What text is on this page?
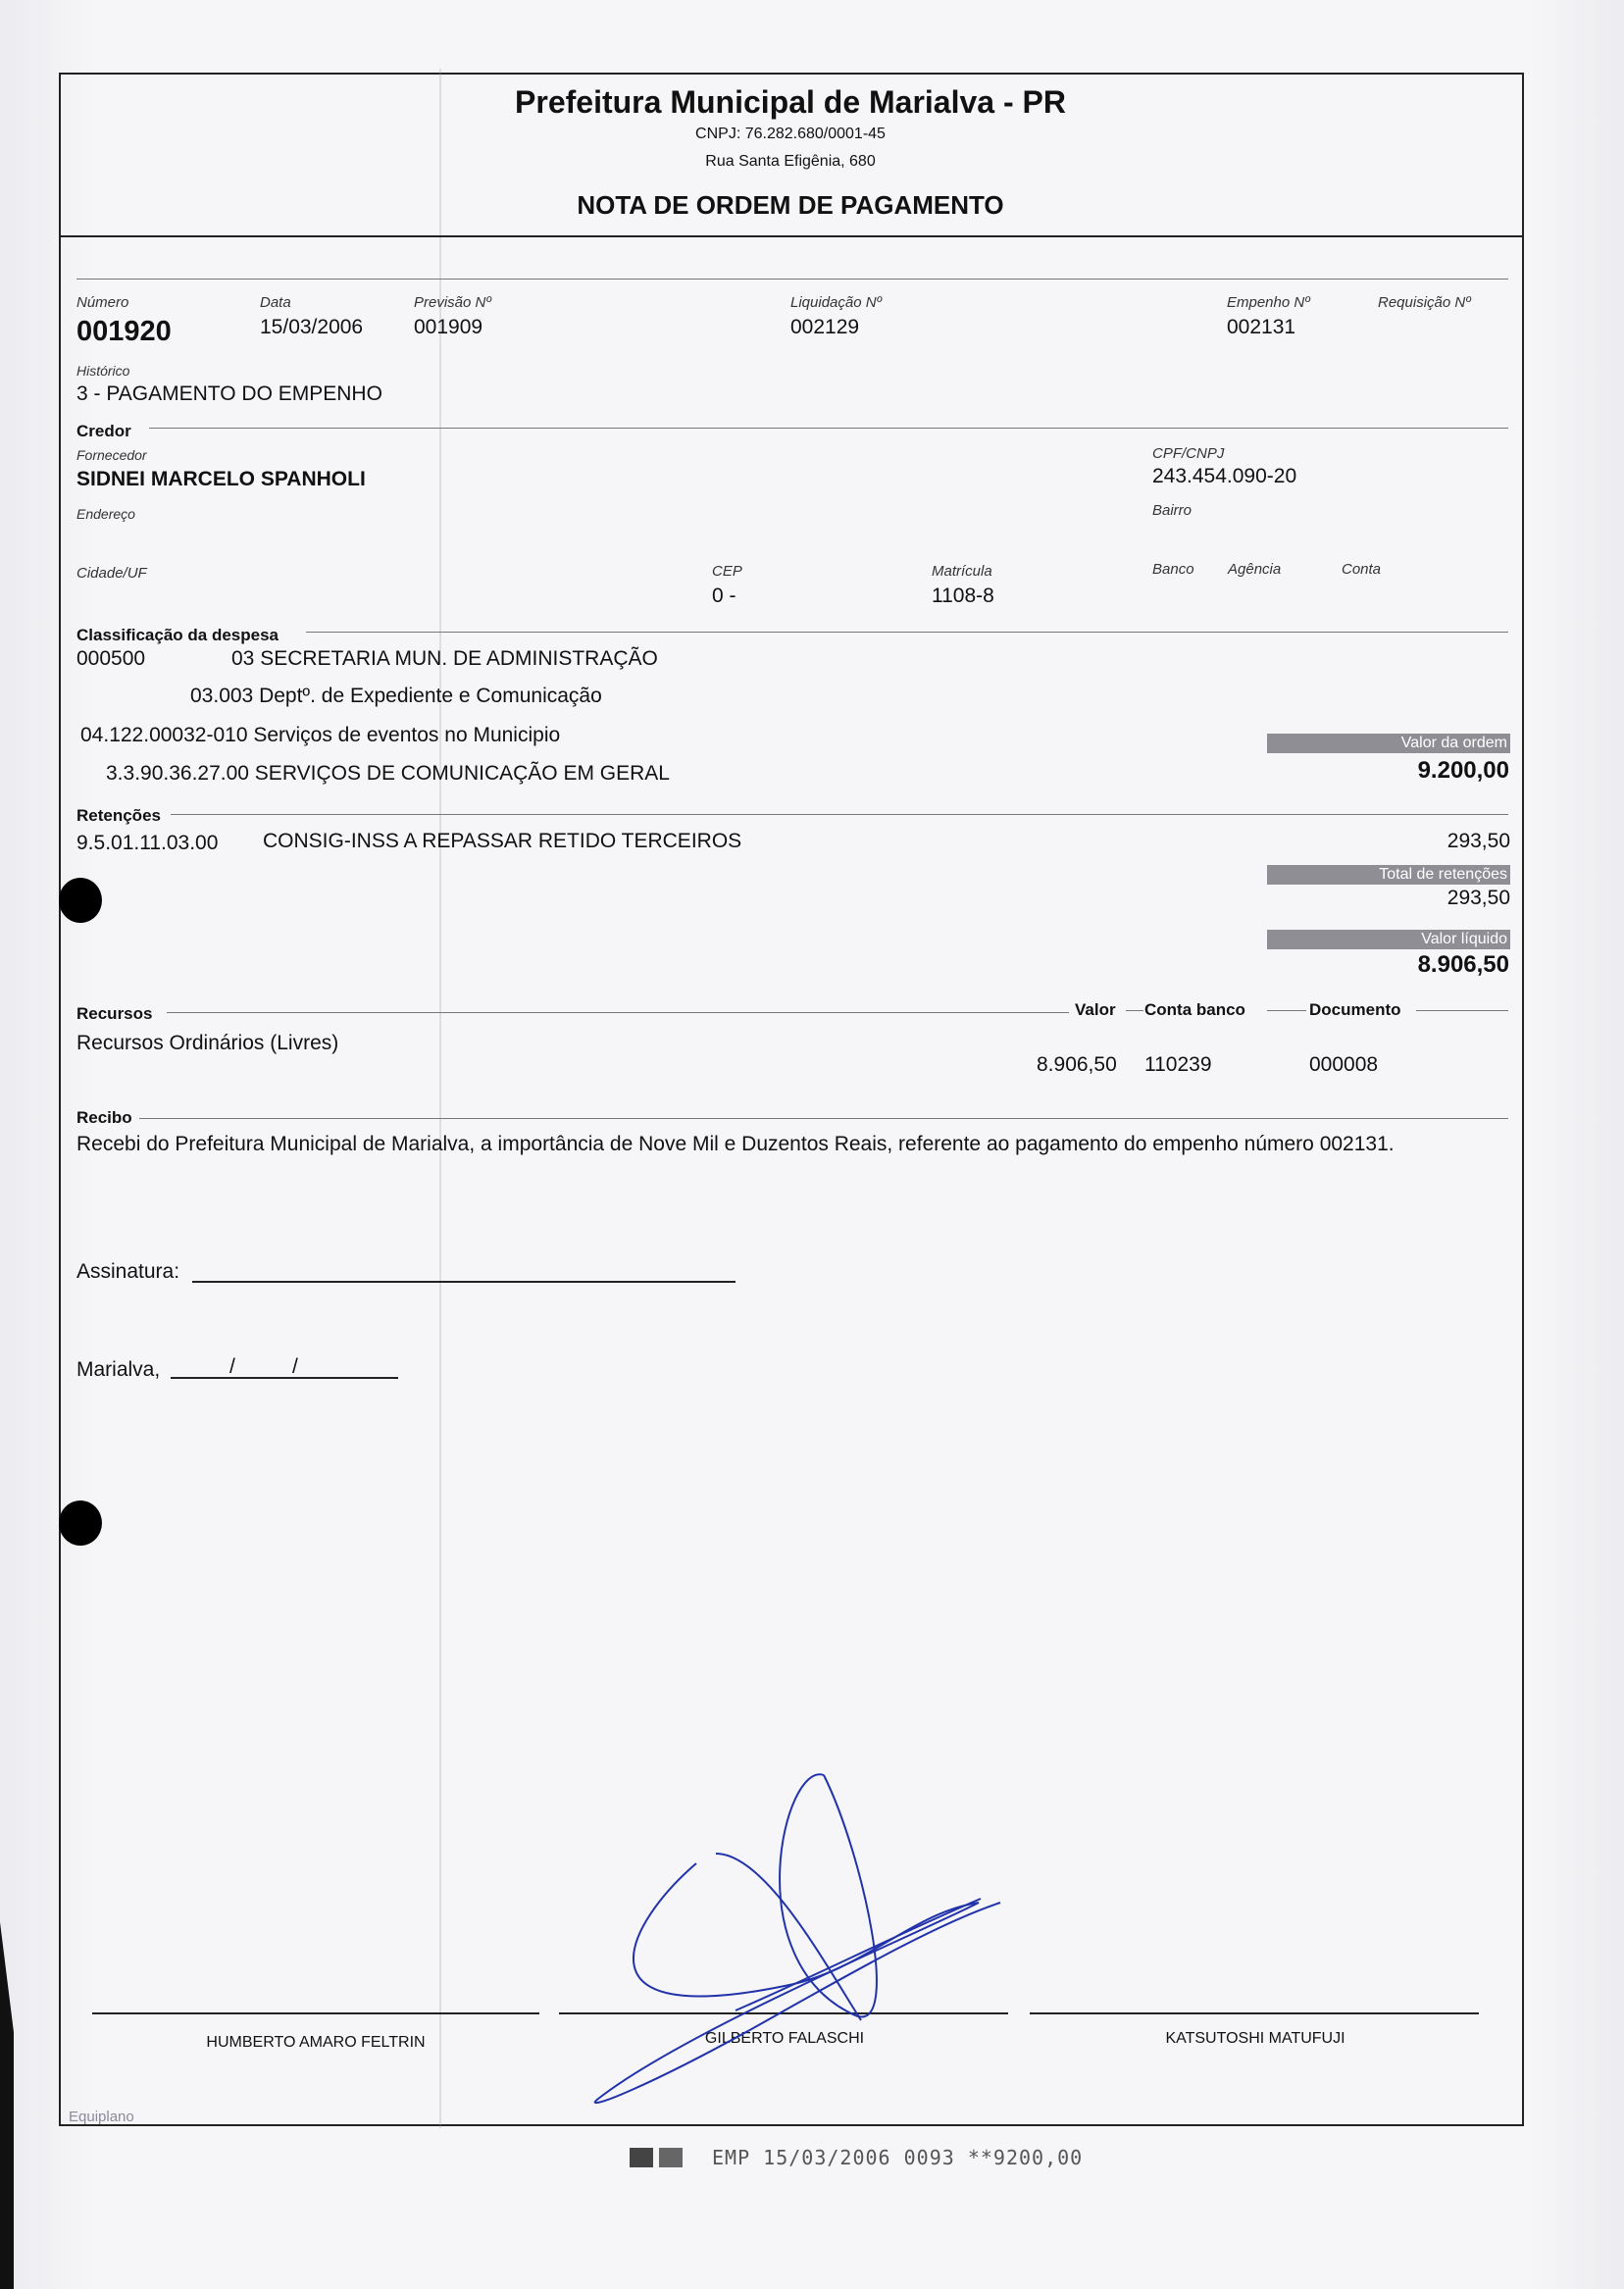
Prefeitura Municipal de Marialva - PR
CNPJ: 76.282.680/0001-45
Rua Santa Efigênia, 680
NOTA DE ORDEM DE PAGAMENTO
Número
001920
Data
15/03/2006
Previsão Nº
001909
Liquidação Nº
002129
Empenho Nº
002131
Requisição Nº
Histórico
3 - PAGAMENTO DO EMPENHO
Credor
Fornecedor
SIDNEI MARCELO SPANHOLI
CPF/CNPJ
243.454.090-20
Endereço	Bairro
Cidade/UF	CEP
0 -
Matrícula
1108-8
Banco Agência	Conta
Classificação da despesa
000500	03 SECRETARIA MUN. DE ADMINISTRAÇÃO
03.003 Deptº. de Expediente e Comunicação
04.122.00032-010 Serviços de eventos no Municipio
3.3.90.36.27.00 SERVIÇOS DE COMUNICAÇÃO EM GERAL
Valor da ordem
9.200,00
Retenções
9.5.01.11.03.00 CONSIG-INSS A REPASSAR RETIDO TERCEIROS	293,50
Total de retenções
293,50
Valor líquido
8.906,50
Recursos	Valor Conta banco	Documento
Recursos Ordinários (Livres)
8.906,50 110239	000008
Recibo
Recebi do Prefeitura Municipal de Marialva, a importância de Nove Mil e Duzentos Reais, referente ao pagamento do empenho número 002131.
Assinatura:
Marialva,	/	/
HUMBERTO AMARO FELTRIN	GILBERTO FALASCHI	KATSUTOSHI MATUFUJI
Equiplano
EMP 15/03/2006 0093 **9200,00
